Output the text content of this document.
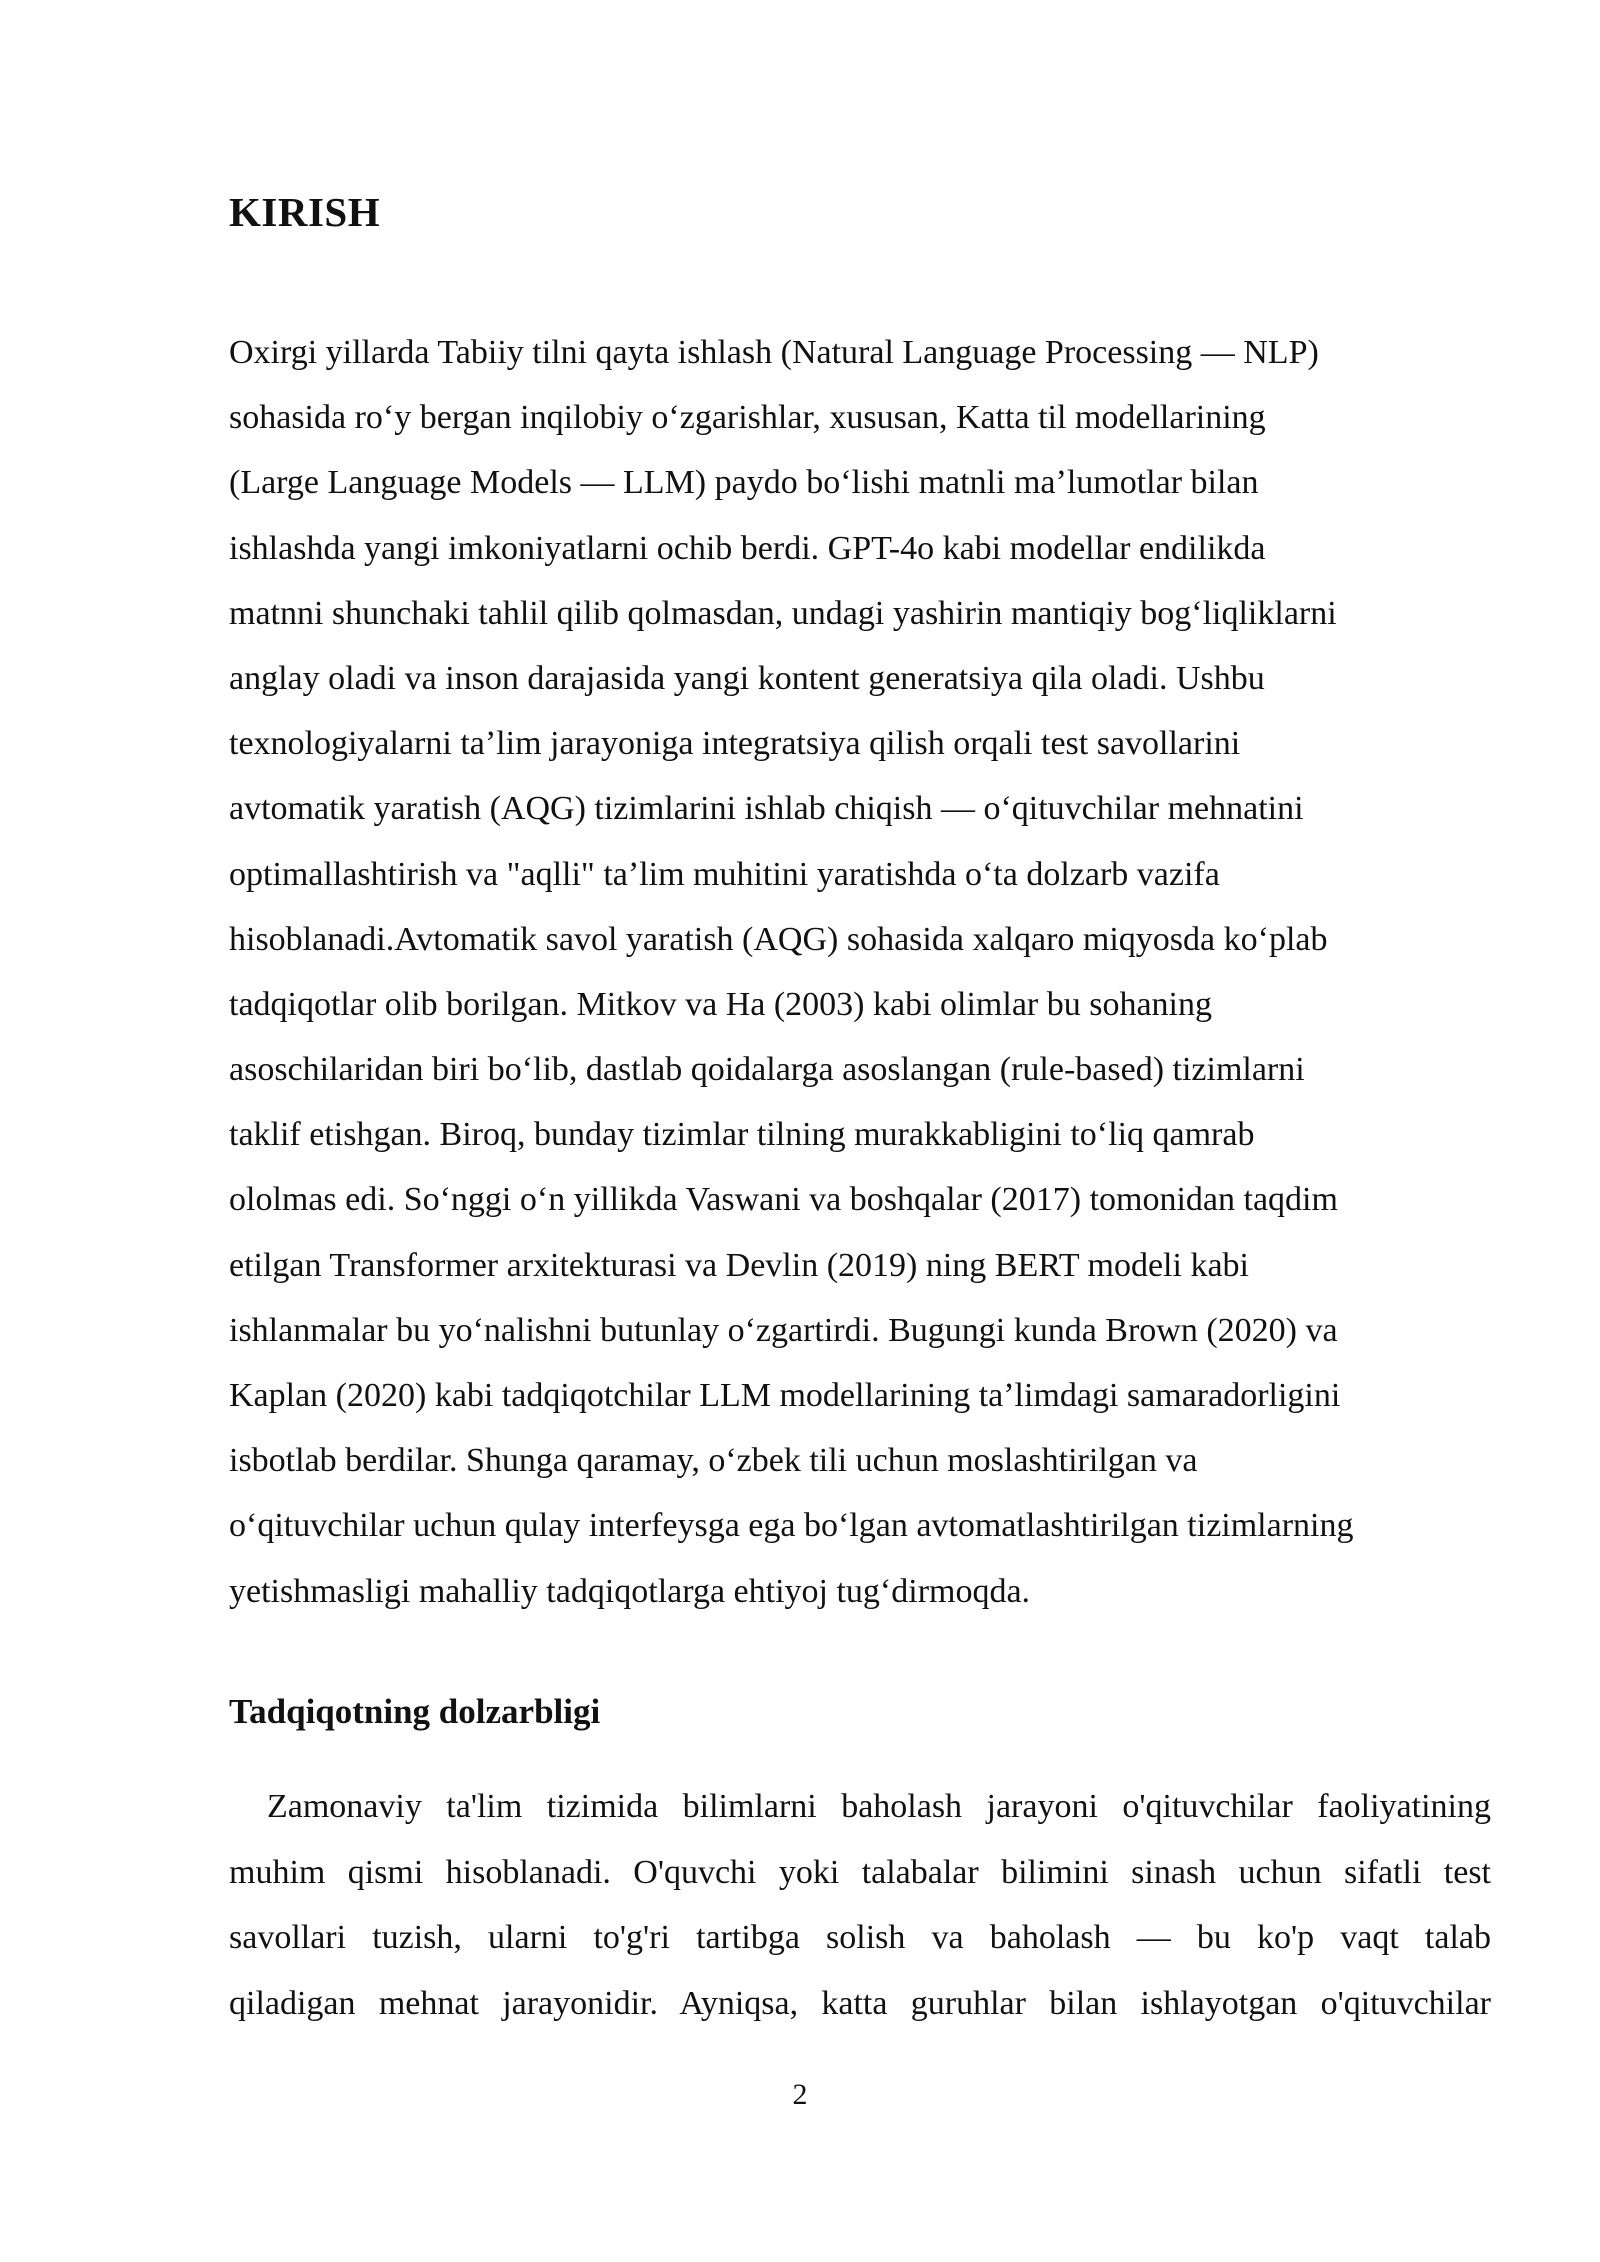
KIRISH
Oxirgi yillarda Tabiiy tilni qayta ishlash (Natural Language Processing — NLP)
sohasida roʻy bergan inqilobiy oʻzgarishlar, xususan, Katta til modellarining
(Large Language Models — LLM) paydo boʻlishi matnli maʼlumotlar bilan
ishlashda yangi imkoniyatlarni ochib berdi. GPT-4o kabi modellar endilikda
matnni shunchaki tahlil qilib qolmasdan, undagi yashirin mantiqiy bogʻliqliklarni
anglay oladi va inson darajasida yangi kontent generatsiya qila oladi. Ushbu
texnologiyalarni taʼlim jarayoniga integratsiya qilish orqali test savollarini
avtomatik yaratish (AQG) tizimlarini ishlab chiqish — oʻqituvchilar mehnatini
optimallashtirish va "aqlli" taʼlim muhitini yaratishda oʻta dolzarb vazifa
hisoblanadi.Avtomatik savol yaratish (AQG) sohasida xalqaro miqyosda koʻplab
tadqiqotlar olib borilgan. Mitkov va Ha (2003) kabi olimlar bu sohaning
asoschilaridan biri boʻlib, dastlab qoidalarga asoslangan (rule-based) tizimlarni
taklif etishgan. Biroq, bunday tizimlar tilning murakkabligini toʻliq qamrab
ololmas edi. Soʻnggi oʻn yillikda Vaswani va boshqalar (2017) tomonidan taqdim
etilgan Transformer arxitekturasi va Devlin (2019) ning BERT modeli kabi
ishlanmalar bu yoʻnalishni butunlay oʻzgartirdi. Bugungi kunda Brown (2020) va
Kaplan (2020) kabi tadqiqotchilar LLM modellarining taʼlimdagi samaradorligini
isbotlab berdilar. Shunga qaramay, oʻzbek tili uchun moslashtirilgan va
oʻqituvchilar uchun qulay interfeysga ega boʻlgan avtomatlashtirilgan tizimlarning
yetishmasligi mahalliy tadqiqotlarga ehtiyoj tugʻdirmoqda.
Tadqiqotning dolzarbligi
Zamonaviy ta'lim tizimida bilimlarni baholash jarayoni o'qituvchilar faoliyatining
muhim qismi hisoblanadi. O'quvchi yoki talabalar bilimini sinash uchun sifatli test
savollari tuzish, ularni to'g'ri tartibga solish va baholash — bu ko'p vaqt talab
qiladigan mehnat jarayonidir. Ayniqsa, katta guruhlar bilan ishlayotgan o'qituvchilar
2
